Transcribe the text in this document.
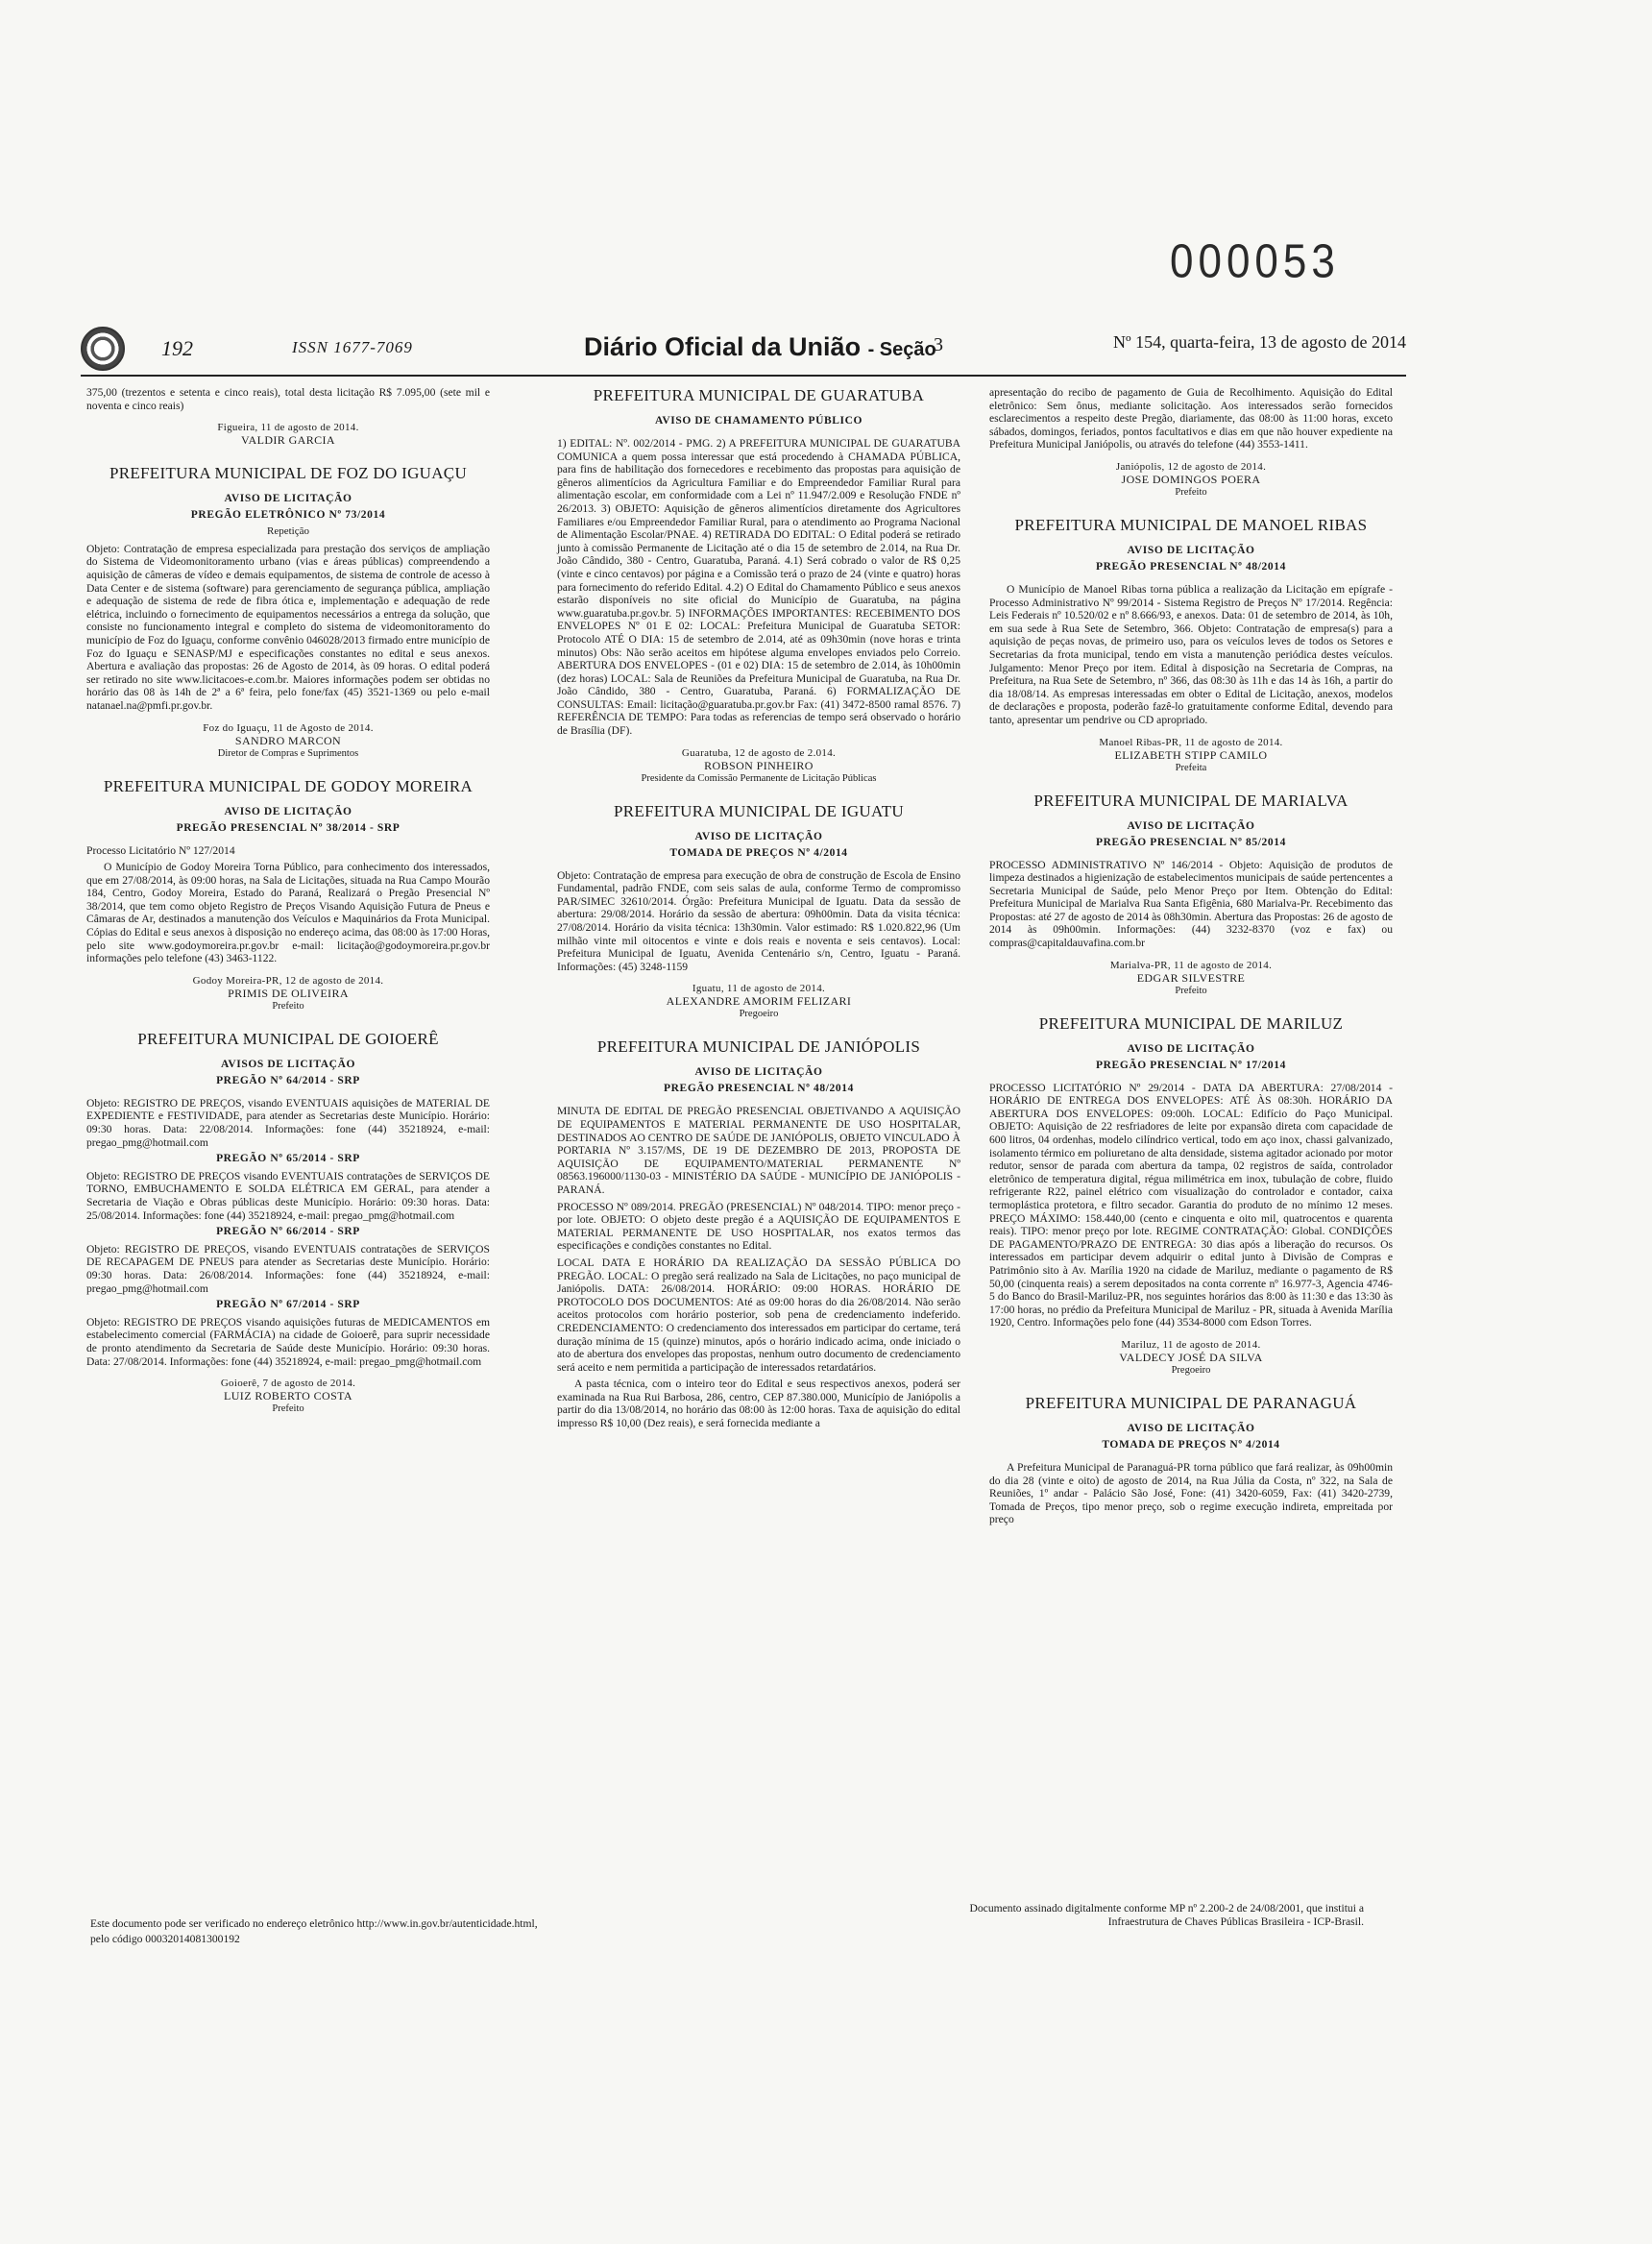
000053
192	ISSN 1677-7069	Diário Oficial da União - Seção
3	Nº 154, quarta-feira, 13 de agosto de 2014

375,00 (trezentos e setenta e cinco reais), total desta licitação R$ 7.095,00 (sete mil e noventa e cinco reais)

Figueira, 11 de agosto de 2014.
VALDIR GARCIA
PREFEITURA MUNICIPAL DE FOZ DO IGUAÇU

AVISO DE LICITAÇÃO

PREGÃO ELETRÔNICO Nº 73/2014

Repetição

Objeto: Contratação de empresa especializada para prestação dos serviços de ampliação do Sistema de Videomonitoramento urbano (vias e áreas públicas) compreendendo a aquisição de câmeras de vídeo e demais equipamentos, de sistema de controle de acesso à Data Center e de sistema (software) para gerenciamento de segurança pública, ampliação e adequação de sistema de rede de fibra ótica e, implementação e adequação de rede elétrica, incluindo o fornecimento de equipamentos necessários a entrega da solução, que consiste no funcionamento integral e completo do sistema de videomonitoramento do município de Foz do Iguaçu, conforme convênio 046028/2013 firmado entre município de Foz do Iguaçu e SENASP/MJ e especificações constantes no edital e seus anexos. Abertura e avaliação das propostas: 26 de Agosto de 2014, às 09 horas. O edital poderá ser retirado no site www.licitacoes-e.com.br. Maiores informações podem ser obtidas no horário das 08 às 14h de 2ª a 6ª feira, pelo fone/fax (45) 3521-1369 ou pelo e-mail natanael.na@pmfi.pr.gov.br.

Foz do Iguaçu, 11 de Agosto de 2014.
SANDRO MARCON
Diretor de Compras e Suprimentos
PREFEITURA MUNICIPAL DE GODOY MOREIRA

AVISO DE LICITAÇÃO

PREGÃO PRESENCIAL Nº 38/2014 - SRP

Processo Licitatório Nº 127/2014

O Município de Godoy Moreira Torna Público, para conhecimento dos interessados, que em 27/08/2014, às 09:00 horas, na Sala de Licitações, situada na Rua Campo Mourão 184, Centro, Godoy Moreira, Estado do Paraná, Realizará o Pregão Presencial Nº 38/2014, que tem como objeto Registro de Preços Visando Aquisição Futura de Pneus e Câmaras de Ar, destinados a manutenção dos Veículos e Maquinários da Frota Municipal. Cópias do Edital e seus anexos à disposição no endereço acima, das 08:00 às 17:00 Horas, pelo site www.godoymoreira.pr.gov.br e-mail: licitação@godoymoreira.pr.gov.br informações pelo telefone (43) 3463-1122.

Godoy Moreira-PR, 12 de agosto de 2014.
PRIMIS DE OLIVEIRA
Prefeito
PREFEITURA MUNICIPAL DE GOIOERÊ

AVISOS DE LICITAÇÃO

PREGÃO Nº 64/2014 - SRP

Objeto: REGISTRO DE PREÇOS, visando EVENTUAIS aquisições de MATERIAL DE EXPEDIENTE e FESTIVIDADE, para atender as Secretarias deste Município. Horário: 09:30 horas. Data: 22/08/2014. Informações: fone (44) 35218924, e-mail: pregao_pmg@hotmail.com

PREGÃO Nº 65/2014 - SRP

Objeto: REGISTRO DE PREÇOS visando EVENTUAIS contratações de SERVIÇOS DE TORNO, EMBUCHAMENTO E SOLDA ELÉTRICA EM GERAL, para atender a Secretaria de Viação e Obras públicas deste Município. Horário: 09:30 horas. Data: 25/08/2014. Informações: fone (44) 35218924, e-mail: pregao_pmg@hotmail.com

PREGÃO Nº 66/2014 - SRP

Objeto: REGISTRO DE PREÇOS, visando EVENTUAIS contratações de SERVIÇOS DE RECAPAGEM DE PNEUS para atender as Secretarias deste Município. Horário: 09:30 horas. Data: 26/08/2014. Informações: fone (44) 35218924, e-mail: pregao_pmg@hotmail.com

PREGÃO Nº 67/2014 - SRP

Objeto: REGISTRO DE PREÇOS visando aquisições futuras de MEDICAMENTOS em estabelecimento comercial (FARMÁCIA) na cidade de Goioerê, para suprir necessidade de pronto atendimento da Secretaria de Saúde deste Município. Horário: 09:30 horas. Data: 27/08/2014. Informações: fone (44) 35218924, e-mail: pregao_pmg@hotmail.com

Goioerê, 7 de agosto de 2014.
LUIZ ROBERTO COSTA
Prefeito
PREFEITURA MUNICIPAL DE GUARATUBA

AVISO DE CHAMAMENTO PÚBLICO

1) EDITAL: Nº. 002/2014 - PMG. 2) A PREFEITURA MUNICIPAL DE GUARATUBA COMUNICA a quem possa interessar que está procedendo à CHAMADA PÚBLICA, para fins de habilitação dos fornecedores e recebimento das propostas para aquisição de gêneros alimentícios da Agricultura Familiar e do Empreendedor Familiar Rural para alimentação escolar, em conformidade com a Lei nº 11.947/2.009 e Resolução FNDE nº 26/2013. 3) OBJETO: Aquisição de gêneros alimentícios diretamente dos Agricultores Familiares e/ou Empreendedor Familiar Rural, para o atendimento ao Programa Nacional de Alimentação Escolar/PNAE. 4) RETIRADA DO EDITAL: O Edital poderá se retirado junto à comissão Permanente de Licitação até o dia 15 de setembro de 2.014, na Rua Dr. João Cândido, 380 - Centro, Guaratuba, Paraná. 4.1) Será cobrado o valor de R$ 0,25 (vinte e cinco centavos) por página e a Comissão terá o prazo de 24 (vinte e quatro) horas para fornecimento do referido Edital. 4.2) O Edital do Chamamento Público e seus anexos estarão disponíveis no site oficial do Município de Guaratuba, na página www.guaratuba.pr.gov.br. 5) INFORMAÇÕES IMPORTANTES: RECEBIMENTO DOS ENVELOPES Nº 01 E 02: LOCAL: Prefeitura Municipal de Guaratuba SETOR: Protocolo ATÉ O DIA: 15 de setembro de 2.014, até as 09h30min (nove horas e trinta minutos) Obs: Não serão aceitos em hipótese alguma envelopes enviados pelo Correio. ABERTURA DOS ENVELOPES - (01 e 02) DIA: 15 de setembro de 2.014, às 10h00min (dez horas) LOCAL: Sala de Reuniões da Prefeitura Municipal de Guaratuba, na Rua Dr. João Cândido, 380 - Centro, Guaratuba, Paraná. 6) FORMALIZAÇÃO DE CONSULTAS: Email: licitação@guaratuba.pr.gov.br Fax: (41) 3472-8500 ramal 8576. 7) REFERÊNCIA DE TEMPO: Para todas as referencias de tempo será observado o horário de Brasília (DF).

Guaratuba, 12 de agosto de 2.014.
ROBSON PINHEIRO
Presidente da Comissão Permanente de Licitação Públicas
PREFEITURA MUNICIPAL DE IGUATU

AVISO DE LICITAÇÃO

TOMADA DE PREÇOS Nº 4/2014

Objeto: Contratação de empresa para execução de obra de construção de Escola de Ensino Fundamental, padrão FNDE, com seis salas de aula, conforme Termo de compromisso PAR/SIMEC 32610/2014. Órgão: Prefeitura Municipal de Iguatu. Data da sessão de abertura: 29/08/2014. Horário da sessão de abertura: 09h00min. Data da visita técnica: 27/08/2014. Horário da visita técnica: 13h30min. Valor estimado: R$ 1.020.822,96 (Um milhão vinte mil oitocentos e vinte e dois reais e noventa e seis centavos). Local: Prefeitura Municipal de Iguatu, Avenida Centenário s/n, Centro, Iguatu - Paraná. Informações: (45) 3248-1159

Iguatu, 11 de agosto de 2014.
ALEXANDRE AMORIM FELIZARI
Pregoeiro
PREFEITURA MUNICIPAL DE JANIÓPOLIS

AVISO DE LICITAÇÃO

PREGÃO PRESENCIAL Nº 48/2014

MINUTA DE EDITAL DE PREGÃO PRESENCIAL OBJETIVANDO A AQUISIÇÃO DE EQUIPAMENTOS E MATERIAL PERMANENTE DE USO HOSPITALAR, DESTINADOS AO CENTRO DE SAÚDE DE JANIÓPOLIS, OBJETO VINCULADO À PORTARIA Nº 3.157/MS, DE 19 DE DEZEMBRO DE 2013, PROPOSTA DE AQUISIÇÃO DE EQUIPAMENTO/MATERIAL PERMANENTE Nº 08563.196000/1130-03 - MINISTÉRIO DA SAÚDE - MUNICÍPIO DE JANIÓPOLIS - PARANÁ.

PROCESSO Nº 089/2014. PREGÃO (PRESENCIAL) Nº 048/2014. TIPO: menor preço - por lote. OBJETO: O objeto deste pregão é a AQUISIÇÃO DE EQUIPAMENTOS E MATERIAL PERMANENTE DE USO HOSPITALAR, nos exatos termos das especificações e condições constantes no Edital.

LOCAL DATA E HORÁRIO DA REALIZAÇÃO DA SESSÃO PÚBLICA DO PREGÃO. LOCAL: O pregão será realizado na Sala de Licitações, no paço municipal de Janiópolis. DATA: 26/08/2014. HORÁRIO: 09:00 HORAS. HORÁRIO DE PROTOCOLO DOS DOCUMENTOS: Até as 09:00 horas do dia 26/08/2014. Não serão aceitos protocolos com horário posterior, sob pena de credenciamento indeferido. CREDENCIAMENTO: O credenciamento dos interessados em participar do certame, terá duração mínima de 15 (quinze) minutos, após o horário indicado acima, onde iniciado o ato de abertura dos envelopes das propostas, nenhum outro documento de credenciamento será aceito e nem permitida a participação de interessados retardatários.

A pasta técnica, com o inteiro teor do Edital e seus respectivos anexos, poderá ser examinada na Rua Rui Barbosa, 286, centro, CEP 87.380.000, Município de Janiópolis a partir do dia 13/08/2014, no horário das 08:00 às 12:00 horas. Taxa de aquisição do edital impresso R$ 10,00 (Dez reais), e será fornecida mediante a

apresentação do recibo de pagamento de Guia de Recolhimento. Aquisição do Edital eletrônico: Sem ônus, mediante solicitação. Aos interessados serão fornecidos esclarecimentos a respeito deste Pregão, diariamente, das 08:00 às 11:00 horas, exceto sábados, domingos, feriados, pontos facultativos e dias em que não houver expediente na Prefeitura Municipal Janiópolis, ou através do telefone (44) 3553-1411.

Janiópolis, 12 de agosto de 2014.
JOSE DOMINGOS POERA
Prefeito
PREFEITURA MUNICIPAL DE MANOEL RIBAS

AVISO DE LICITAÇÃO

PREGÃO PRESENCIAL Nº 48/2014

O Município de Manoel Ribas torna pública a realização da Licitação em epígrafe - Processo Administrativo Nº 99/2014 - Sistema Registro de Preços Nº 17/2014. Regência: Leis Federais nº 10.520/02 e nº 8.666/93, e anexos. Data: 01 de setembro de 2014, às 10h, em sua sede à Rua Sete de Setembro, 366. Objeto: Contratação de empresa(s) para a aquisição de peças novas, de primeiro uso, para os veículos leves de todos os Setores e Secretarias da frota municipal, tendo em vista a manutenção periódica destes veículos. Julgamento: Menor Preço por item. Edital à disposição na Secretaria de Compras, na Prefeitura, na Rua Sete de Setembro, nº 366, das 08:30 às 11h e das 14 às 16h, a partir do dia 18/08/14. As empresas interessadas em obter o Edital de Licitação, anexos, modelos de declarações e proposta, poderão fazê-lo gratuitamente conforme Edital, devendo para tanto, apresentar um pendrive ou CD apropriado.

Manoel Ribas-PR, 11 de agosto de 2014.
ELIZABETH STIPP CAMILO
Prefeita
PREFEITURA MUNICIPAL DE MARIALVA

AVISO DE LICITAÇÃO

PREGÃO PRESENCIAL Nº 85/2014

PROCESSO ADMINISTRATIVO Nº 146/2014 - Objeto: Aquisição de produtos de limpeza destinados a higienização de estabelecimentos municipais de saúde pertencentes a Secretaria Municipal de Saúde, pelo Menor Preço por Item. Obtenção do Edital: Prefeitura Municipal de Marialva Rua Santa Efigênia, 680 Marialva-Pr. Recebimento das Propostas: até 27 de agosto de 2014 às 08h30min. Abertura das Propostas: 26 de agosto de 2014 às 09h00min. Informações: (44) 3232-8370 (voz e fax) ou compras@capitaldauvafina.com.br

Marialva-PR, 11 de agosto de 2014.
EDGAR SILVESTRE
Prefeito
PREFEITURA MUNICIPAL DE MARILUZ

AVISO DE LICITAÇÃO

PREGÃO PRESENCIAL Nº 17/2014

PROCESSO LICITATÓRIO Nº 29/2014 - DATA DA ABERTURA: 27/08/2014 - HORÁRIO DE ENTREGA DOS ENVELOPES: ATÉ ÀS 08:30h. HORÁRIO DA ABERTURA DOS ENVELOPES: 09:00h. LOCAL: Edifício do Paço Municipal. OBJETO: Aquisição de 22 resfriadores de leite por expansão direta com capacidade de 600 litros, 04 ordenhas, modelo cilíndrico vertical, todo em aço inox, chassi galvanizado, isolamento térmico em poliuretano de alta densidade, sistema agitador acionado por motor redutor, sensor de parada com abertura da tampa, 02 registros de saída, controlador eletrônico de temperatura digital, régua milimétrica em inox, tubulação de cobre, fluido refrigerante R22, painel elétrico com visualização do controlador e contador, caixa termoplástica protetora, e filtro secador. Garantia do produto de no mínimo 12 meses. PREÇO MÁXIMO: 158.440,00 (cento e cinquenta e oito mil, quatrocentos e quarenta reais). TIPO: menor preço por lote. REGIME CONTRATAÇÃO: Global. CONDIÇÕES DE PAGAMENTO/PRAZO DE ENTREGA: 30 dias após a liberação do recursos. Os interessados em participar devem adquirir o edital junto à Divisão de Compras e Patrimônio sito à Av. Marília 1920 na cidade de Mariluz, mediante o pagamento de R$ 50,00 (cinquenta reais) a serem depositados na conta corrente nº 16.977-3, Agencia 4746-5 do Banco do Brasil-Mariluz-PR, nos seguintes horários das 8:00 às 11:30 e das 13:30 às 17:00 horas, no prédio da Prefeitura Municipal de Mariluz - PR, situada à Avenida Marília 1920, Centro. Informações pelo fone (44) 3534-8000 com Edson Torres.

Mariluz, 11 de agosto de 2014.
VALDECY JOSÉ DA SILVA
Pregoeiro
PREFEITURA MUNICIPAL DE PARANAGUÁ

AVISO DE LICITAÇÃO

TOMADA DE PREÇOS Nº 4/2014

A Prefeitura Municipal de Paranaguá-PR torna público que fará realizar, às 09h00min do dia 28 (vinte e oito) de agosto de 2014, na Rua Júlia da Costa, nº 322, na Sala de Reuniões, 1º andar - Palácio São José, Fone: (41) 3420-6059, Fax: (41) 3420-2739, Tomada de Preços, tipo menor preço, sob o regime execução indireta, empreitada por preço

Este documento pode ser verificado no endereço eletrônico http://www.in.gov.br/autenticidade.html,
pelo código 00032014081300192
Documento assinado digitalmente conforme MP nº 2.200-2 de 24/08/2001, que institui a
Infraestrutura de Chaves Públicas Brasileira - ICP-Brasil.
